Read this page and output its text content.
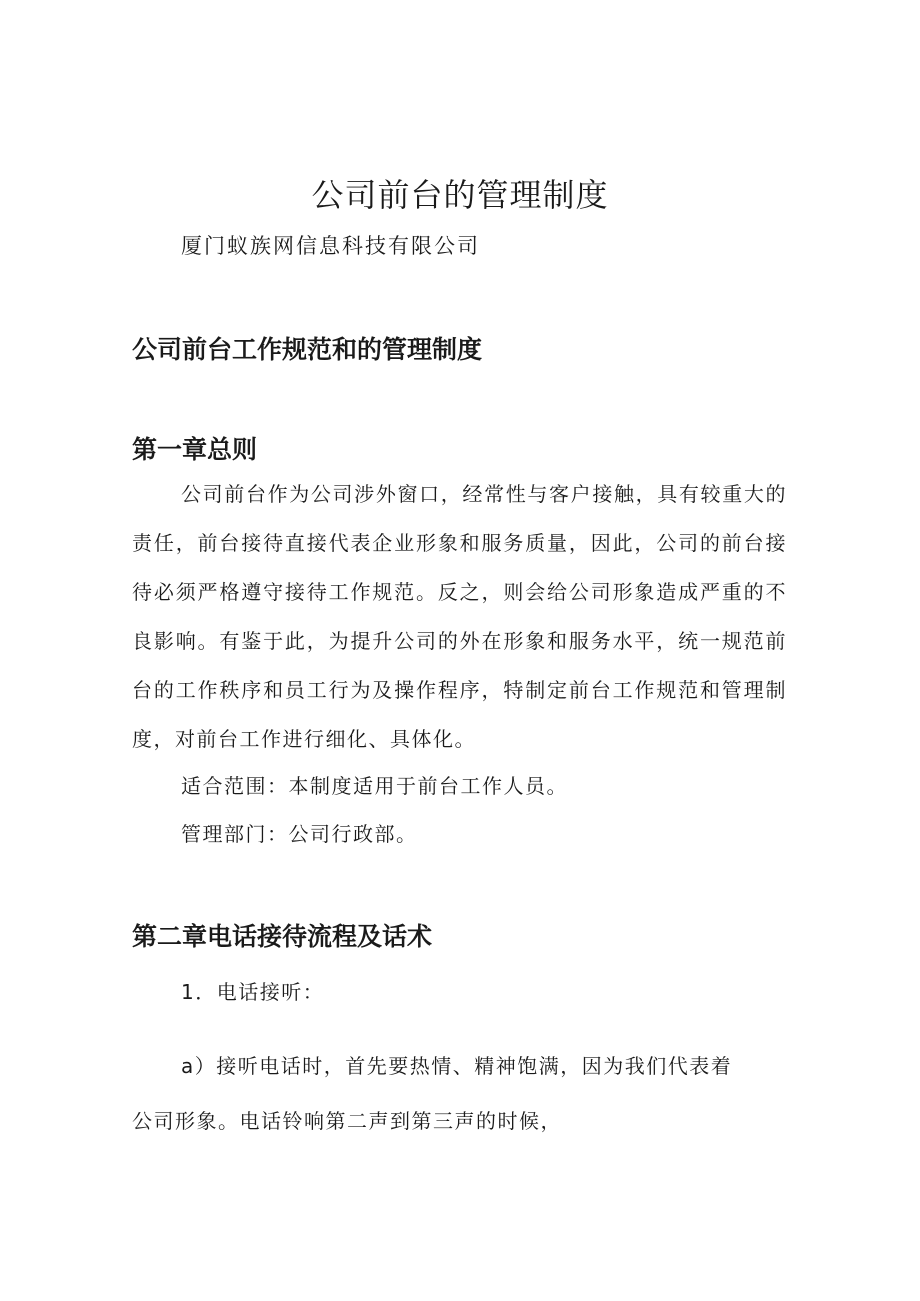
公司前台的管理制度
厦门蚁族网信息科技有限公司
公司前台工作规范和的管理制度
第一章总则

公司前台作为公司涉外窗口，经常性与客户接触，具有较重大的责任，前台接待直接代表企业形象和服务质量，因此，公司的前台接待必须严格遵守接待工作规范。反之，则会给公司形象造成严重的不良影响。有鉴于此，为提升公司的外在形象和服务水平，统一规范前台的工作秩序和员工行为及操作程序，特制定前台工作规范和管理制度，对前台工作进行细化、具体化。

适合范围：本制度适用于前台工作人员。
管理部门：公司行政部。
第二章电话接待流程及话术
1．电话接听：
a）接听电话时，首先要热情、精神饱满，因为我们代表着
公司形象。电话铃响第二声到第三声的时候，
